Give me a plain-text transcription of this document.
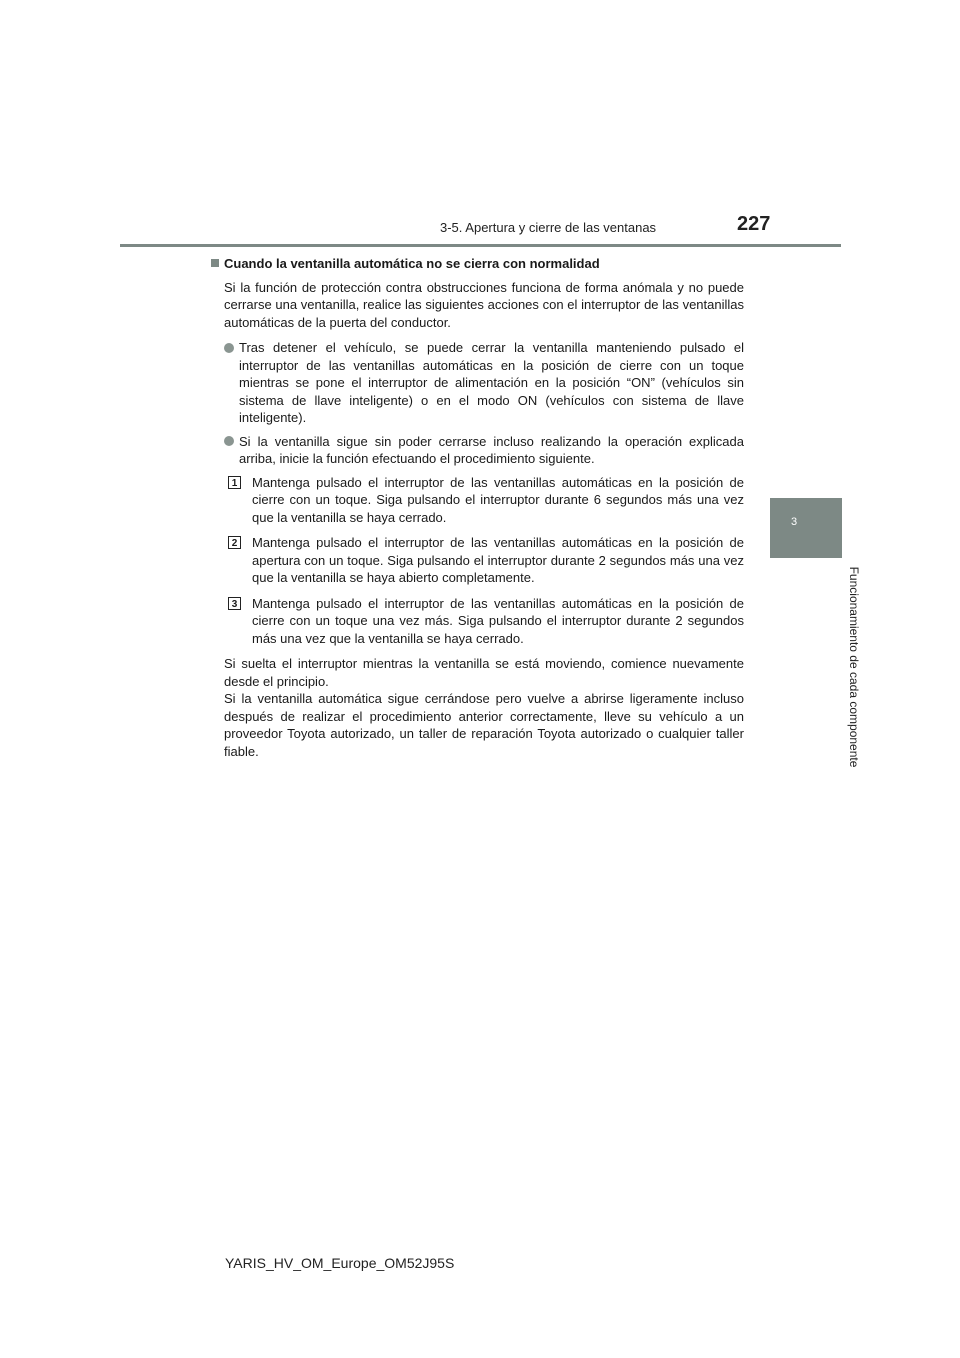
3-5. Apertura y cierre de las ventanas	227
3
Funcionamiento de cada componente
Cuando la ventanilla automática no se cierra con normalidad

Si la función de protección contra obstrucciones funciona de forma anómala y no puede cerrarse una ventanilla, realice las siguientes acciones con el interruptor de las ventanillas automáticas de la puerta del conductor.

Tras detener el vehículo, se puede cerrar la ventanilla manteniendo pulsado el interruptor de las ventanillas automáticas en la posición de cierre con un toque mientras se pone el interruptor de alimentación en la posición “ON” (vehículos sin sistema de llave inteligente) o en el modo ON (vehículos con sistema de llave inteligente).
Si la ventanilla sigue sin poder cerrarse incluso realizando la operación explicada arriba, inicie la función efectuando el procedimiento siguiente.
1 Mantenga pulsado el interruptor de las ventanillas automáticas en la posición de cierre con un toque. Siga pulsando el interruptor durante 6 segundos más una vez que la ventanilla se haya cerrado.
2 Mantenga pulsado el interruptor de las ventanillas automáticas en la posición de apertura con un toque. Siga pulsando el interruptor durante 2 segundos más una vez que la ventanilla se haya abierto completamente.
3 Mantenga pulsado el interruptor de las ventanillas automáticas en la posición de cierre con un toque una vez más. Siga pulsando el interruptor durante 2 segundos más una vez que la ventanilla se haya cerrado.

Si suelta el interruptor mientras la ventanilla se está moviendo, comience nuevamente desde el principio.

Si la ventanilla automática sigue cerrándose pero vuelve a abrirse ligeramente incluso después de realizar el procedimiento anterior correctamente, lleve su vehículo a un proveedor Toyota autorizado, un taller de reparación Toyota autorizado o cualquier taller fiable.

YARIS_HV_OM_Europe_OM52J95S
